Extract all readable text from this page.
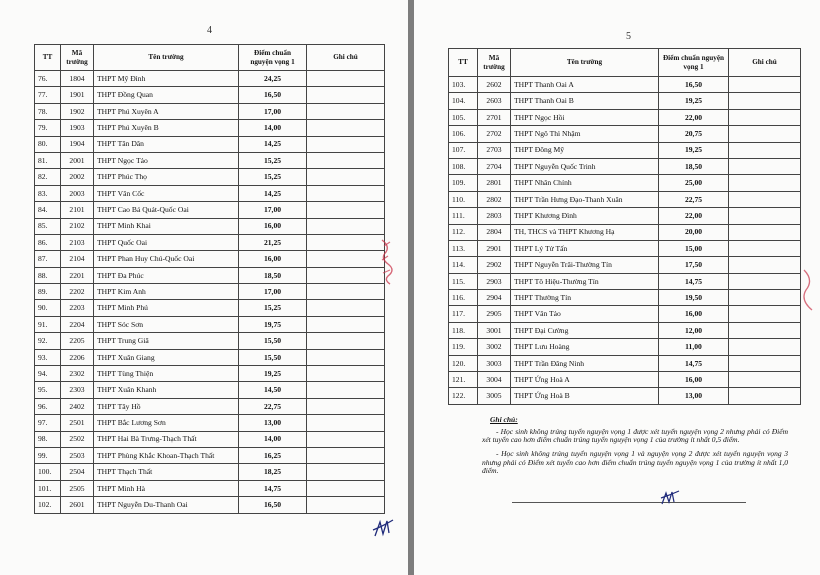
4
5
TT	Mã trường	Tên trường	Điểm chuẩn nguyện vọng 1	Ghi chú
76.	1804	THPT Mỹ Đình	24,25	
77.	1901	THPT Đồng Quan	16,50	
78.	1902	THPT Phú Xuyên A	17,00	
79.	1903	THPT Phú Xuyên B	14,00	
80.	1904	THPT Tân Dân	14,25	
81.	2001	THPT Ngọc Tảo	15,25	
82.	2002	THPT Phúc Thọ	15,25	
83.	2003	THPT Vân Cốc	14,25	
84.	2101	THPT Cao Bá Quát-Quốc Oai	17,00	
85.	2102	THPT Minh Khai	16,00	
86.	2103	THPT Quốc Oai	21,25	
87.	2104	THPT Phan Huy Chú-Quốc Oai	16,00	
88.	2201	THPT Đa Phúc	18,50	
89.	2202	THPT Kim Anh	17,00	
90.	2203	THPT Minh Phú	15,25	
91.	2204	THPT Sóc Sơn	19,75	
92.	2205	THPT Trung Giã	15,50	
93.	2206	THPT Xuân Giang	15,50	
94.	2302	THPT Tùng Thiện	19,25	
95.	2303	THPT Xuân Khanh	14,50	
96.	2402	THPT Tây Hồ	22,75	
97.	2501	THPT Bắc Lương Sơn	13,00	
98.	2502	THPT Hai Bà Trưng-Thạch Thất	14,00	
99.	2503	THPT Phùng Khắc Khoan-Thạch Thất	16,25	
100.	2504	THPT Thạch Thất	18,25	
101.	2505	THPT Minh Hà	14,75	
102.	2601	THPT Nguyễn Du-Thanh Oai	16,50	
TT	Mã trường	Tên trường	Điểm chuẩn nguyện vọng 1	Ghi chú
103.	2602	THPT Thanh Oai A	16,50	
104.	2603	THPT Thanh Oai B	19,25	
105.	2701	THPT Ngọc Hồi	22,00	
106.	2702	THPT Ngô Thì Nhậm	20,75	
107.	2703	THPT Đông Mỹ	19,25	
108.	2704	THPT Nguyễn Quốc Trinh	18,50	
109.	2801	THPT Nhân Chính	25,00	
110.	2802	THPT Trần Hưng Đạo-Thanh Xuân	22,75	
111.	2803	THPT Khương Đình	22,00	
112.	2804	TH, THCS và THPT Khương Hạ	20,00	
113.	2901	THPT Lý Tử Tấn	15,00	
114.	2902	THPT Nguyễn Trãi-Thường Tín	17,50	
115.	2903	THPT Tô Hiệu-Thường Tín	14,75	
116.	2904	THPT Thường Tín	19,50	
117.	2905	THPT Vân Tảo	16,00	
118.	3001	THPT Đại Cường	12,00	
119.	3002	THPT Lưu Hoàng	11,00	
120.	3003	THPT Trần Đăng Ninh	14,75	
121.	3004	THPT Ứng Hoà A	16,00	
122.	3005	THPT Ứng Hoà B	13,00	
Ghi chú:

- Học sinh không trúng tuyển nguyện vọng 1 được xét tuyển nguyện vọng 2 nhưng phải có Điểm xét tuyển cao hơn điểm chuẩn trúng tuyển nguyện vọng 1 của trường ít nhất 0,5 điểm.

- Học sinh không trúng tuyển nguyện vọng 1 và nguyện vọng 2 được xét tuyển nguyện vọng 3 nhưng phải có Điểm xét tuyển cao hơn điểm chuẩn trúng tuyển nguyện vọng 1 của trường ít nhất 1,0 điểm.
